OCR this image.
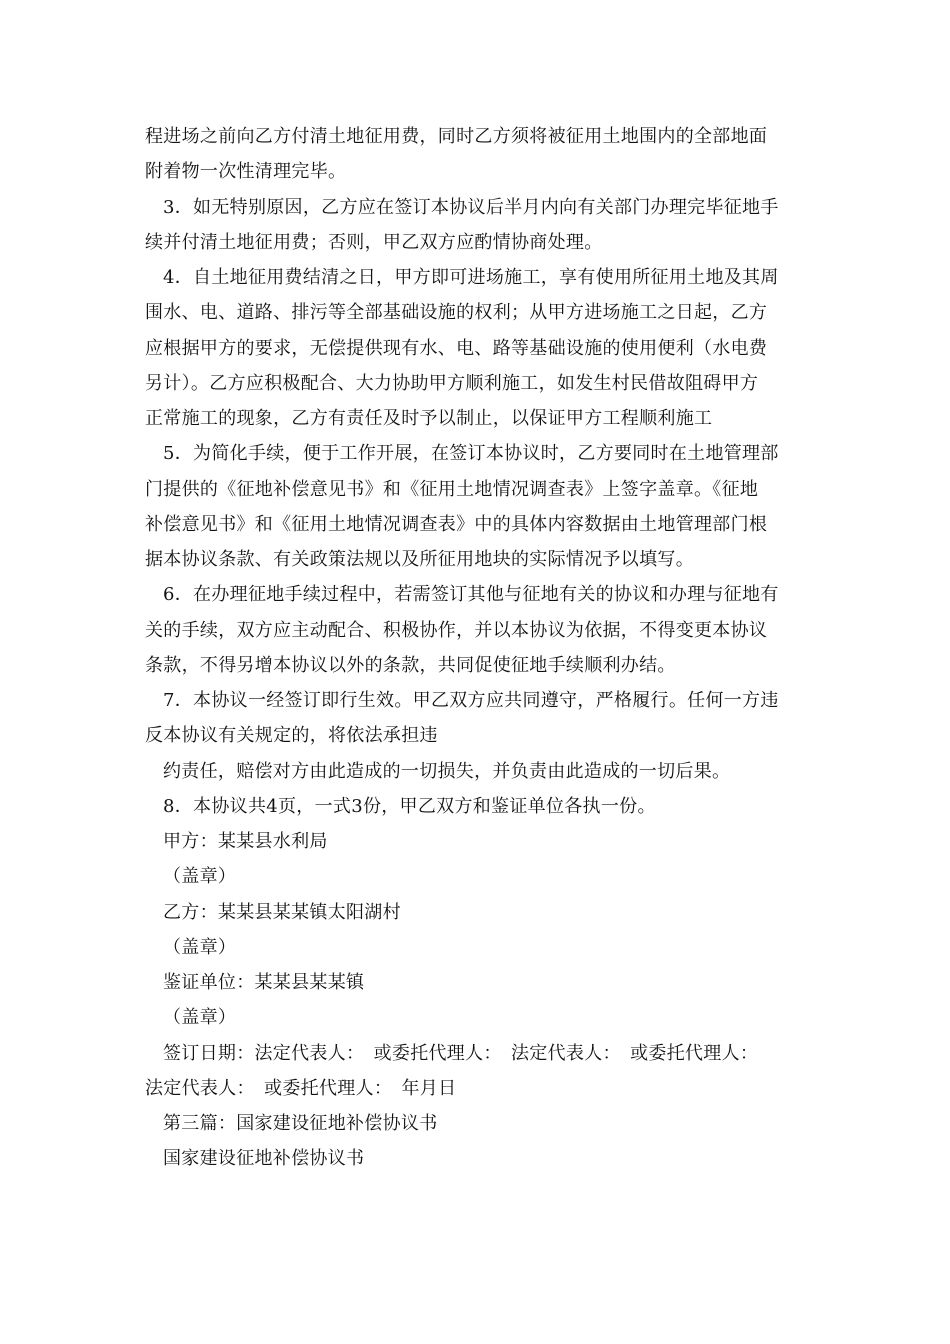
程进场之前向乙方付清土地征用费，同时乙方须将被征用土地围内的全部地面
附着物一次性清理完毕。
3．如无特别原因，乙方应在签订本协议后半月内向有关部门办理完毕征地手
续并付清土地征用费；否则，甲乙双方应酌情协商处理。
4．自土地征用费结清之日，甲方即可进场施工，享有使用所征用土地及其周
围水、电、道路、排污等全部基础设施的权利；从甲方进场施工之日起，乙方
应根据甲方的要求，无偿提供现有水、电、路等基础设施的使用便利（水电费
另计）。乙方应积极配合、大力协助甲方顺利施工，如发生村民借故阻碍甲方
正常施工的现象，乙方有责任及时予以制止，以保证甲方工程顺利施工
5．为简化手续，便于工作开展，在签订本协议时，乙方要同时在土地管理部
门提供的《征地补偿意见书》和《征用土地情况调查表》上签字盖章。《征地
补偿意见书》和《征用土地情况调查表》中的具体内容数据由土地管理部门根
据本协议条款、有关政策法规以及所征用地块的实际情况予以填写。
6．在办理征地手续过程中，若需签订其他与征地有关的协议和办理与征地有
关的手续，双方应主动配合、积极协作，并以本协议为依据，不得变更本协议
条款，不得另增本协议以外的条款，共同促使征地手续顺利办结。
7．本协议一经签订即行生效。甲乙双方应共同遵守，严格履行。任何一方违
反本协议有关规定的，将依法承担违
约责任，赔偿对方由此造成的一切损失，并负责由此造成的一切后果。
8．本协议共4页，一式3份，甲乙双方和鉴证单位各执一份。
甲方：某某县水利局
（盖章）
乙方：某某县某某镇太阳湖村
（盖章）
鉴证单位：某某县某某镇
（盖章）
签订日期：法定代表人：　或委托代理人：　法定代表人：　或委托代理人：
法定代表人：　或委托代理人：　年月日
第三篇：国家建设征地补偿协议书
国家建设征地补偿协议书
